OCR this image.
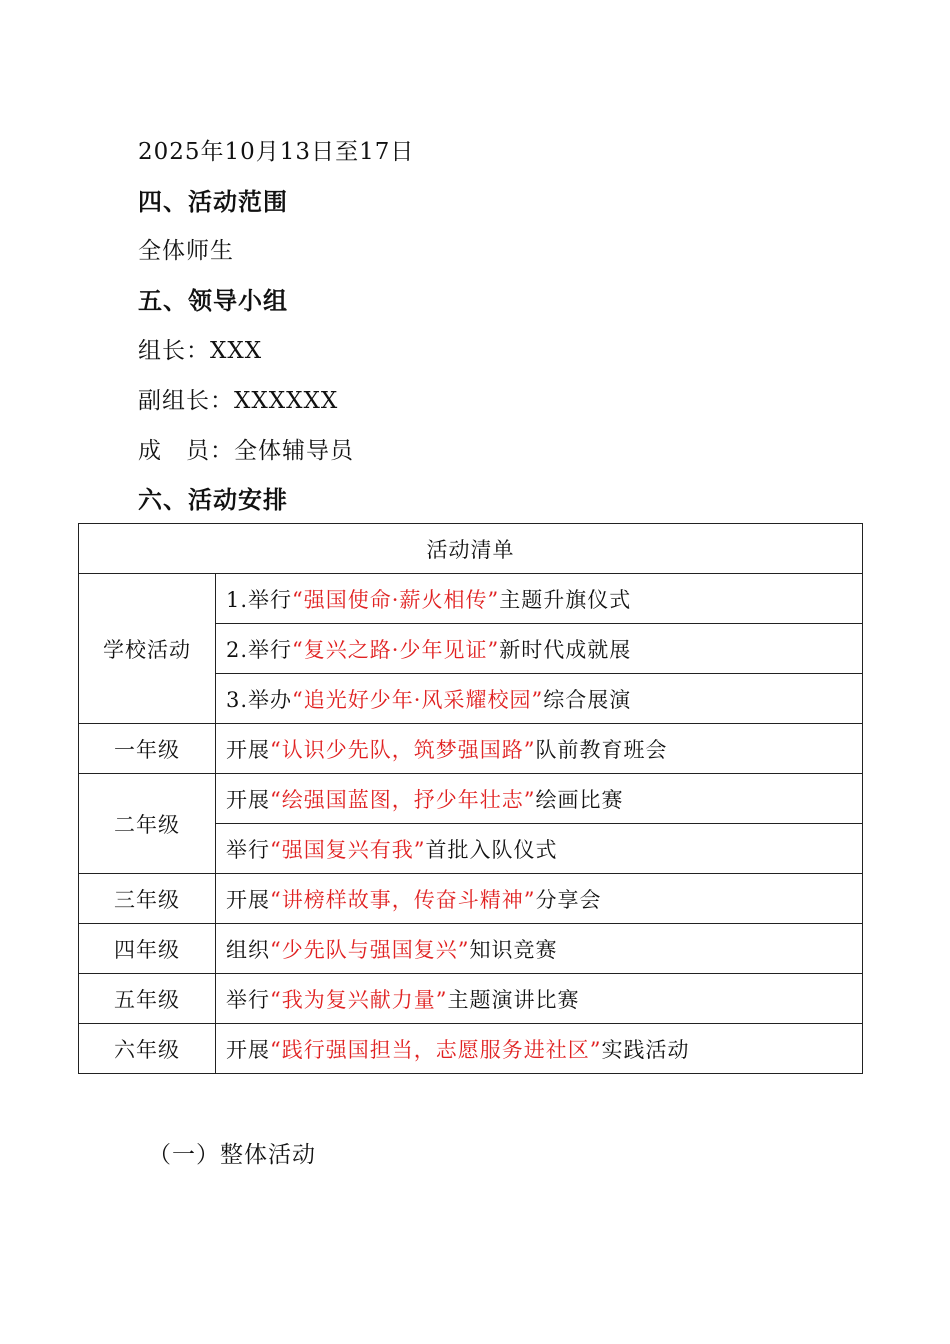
2025年10月13日至17日
四、活动范围
全体师生
五、领导小组
组长：XXX
副组长：XXXXXX
成　员：全体辅导员
六、活动安排
活动清单	
学校活动	1.举行“强国使命·薪火相传”主题升旗仪式
	2.举行“复兴之路·少年见证”新时代成就展
	3.举办“追光好少年·风采耀校园”综合展演
一年级	开展“认识少先队，筑梦强国路”队前教育班会
二年级	开展“绘强国蓝图，抒少年壮志”绘画比赛
	举行“强国复兴有我”首批入队仪式
三年级	开展“讲榜样故事，传奋斗精神”分享会
四年级	组织“少先队与强国复兴”知识竞赛
五年级	举行“我为复兴献力量”主题演讲比赛
六年级	开展“践行强国担当，志愿服务进社区”实践活动
（一）整体活动
